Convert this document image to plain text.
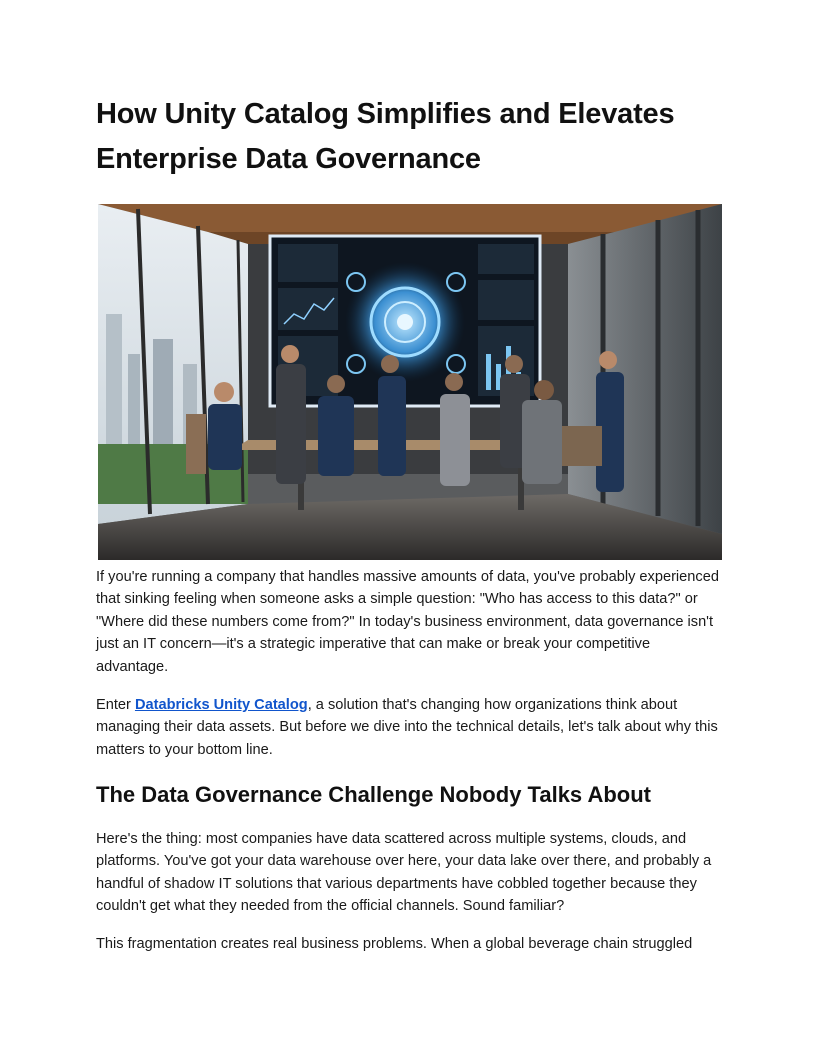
How Unity Catalog Simplifies and Elevates Enterprise Data Governance

If you're running a company that handles massive amounts of data, you've probably experienced that sinking feeling when someone asks a simple question: "Who has access to this data?" or "Where did these numbers come from?" In today's business environment, data governance isn't just an IT concern—it's a strategic imperative that can make or break your competitive advantage.

Enter Databricks Unity Catalog, a solution that's changing how organizations think about managing their data assets. But before we dive into the technical details, let's talk about why this matters to your bottom line.

The Data Governance Challenge Nobody Talks About

Here's the thing: most companies have data scattered across multiple systems, clouds, and platforms. You've got your data warehouse over here, your data lake over there, and probably a handful of shadow IT solutions that various departments have cobbled together because they couldn't get what they needed from the official channels. Sound familiar?

This fragmentation creates real business problems. When a global beverage chain struggled
